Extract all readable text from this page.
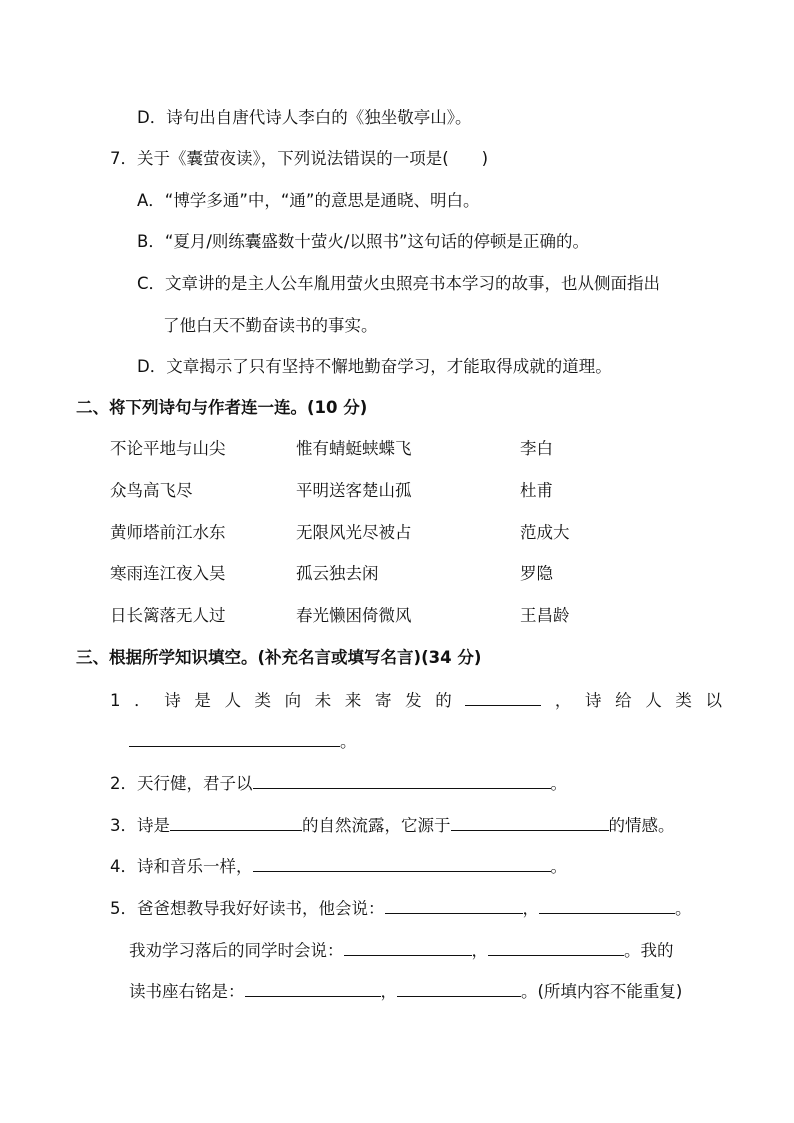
D．诗句出自唐代诗人李白的《独坐敬亭山》。
7．关于《囊萤夜读》，下列说法错误的一项是(　　)
A．“博学多通”中，“通”的意思是通晓、明白。
B．“夏月/则练囊盛数十萤火/以照书”这句话的停顿是正确的。
C．文章讲的是主人公车胤用萤火虫照亮书本学习的故事，也从侧面指出
了他白天不勤奋读书的事实。
D．文章揭示了只有坚持不懈地勤奋学习，才能取得成就的道理。
二、将下列诗句与作者连一连。(10 分)
不论平地与山尖	惟有蜻蜓蛱蝶飞	李白
众鸟高飞尽	平明送客楚山孤	杜甫
黄师塔前江水东	无限风光尽被占	范成大
寒雨连江夜入吴	孤云独去闲	罗隐
日长篱落无人过	春光懒困倚微风	王昌龄
三、根据所学知识填空。(补充名言或填写名言)(34 分)
1 ． 诗 是 人 类 向 未 来 寄 发 的	， 诗 给 人 类 以
。
2．天行健，君子以	。
3．诗是	的自然流露，它源于	的情感。
4．诗和音乐一样，	。
5．爸爸想教导我好好读书，他会说：	，	。
我劝学习落后的同学时会说：	，	。我的
读书座右铭是：	，	。(所填内容不能重复)
